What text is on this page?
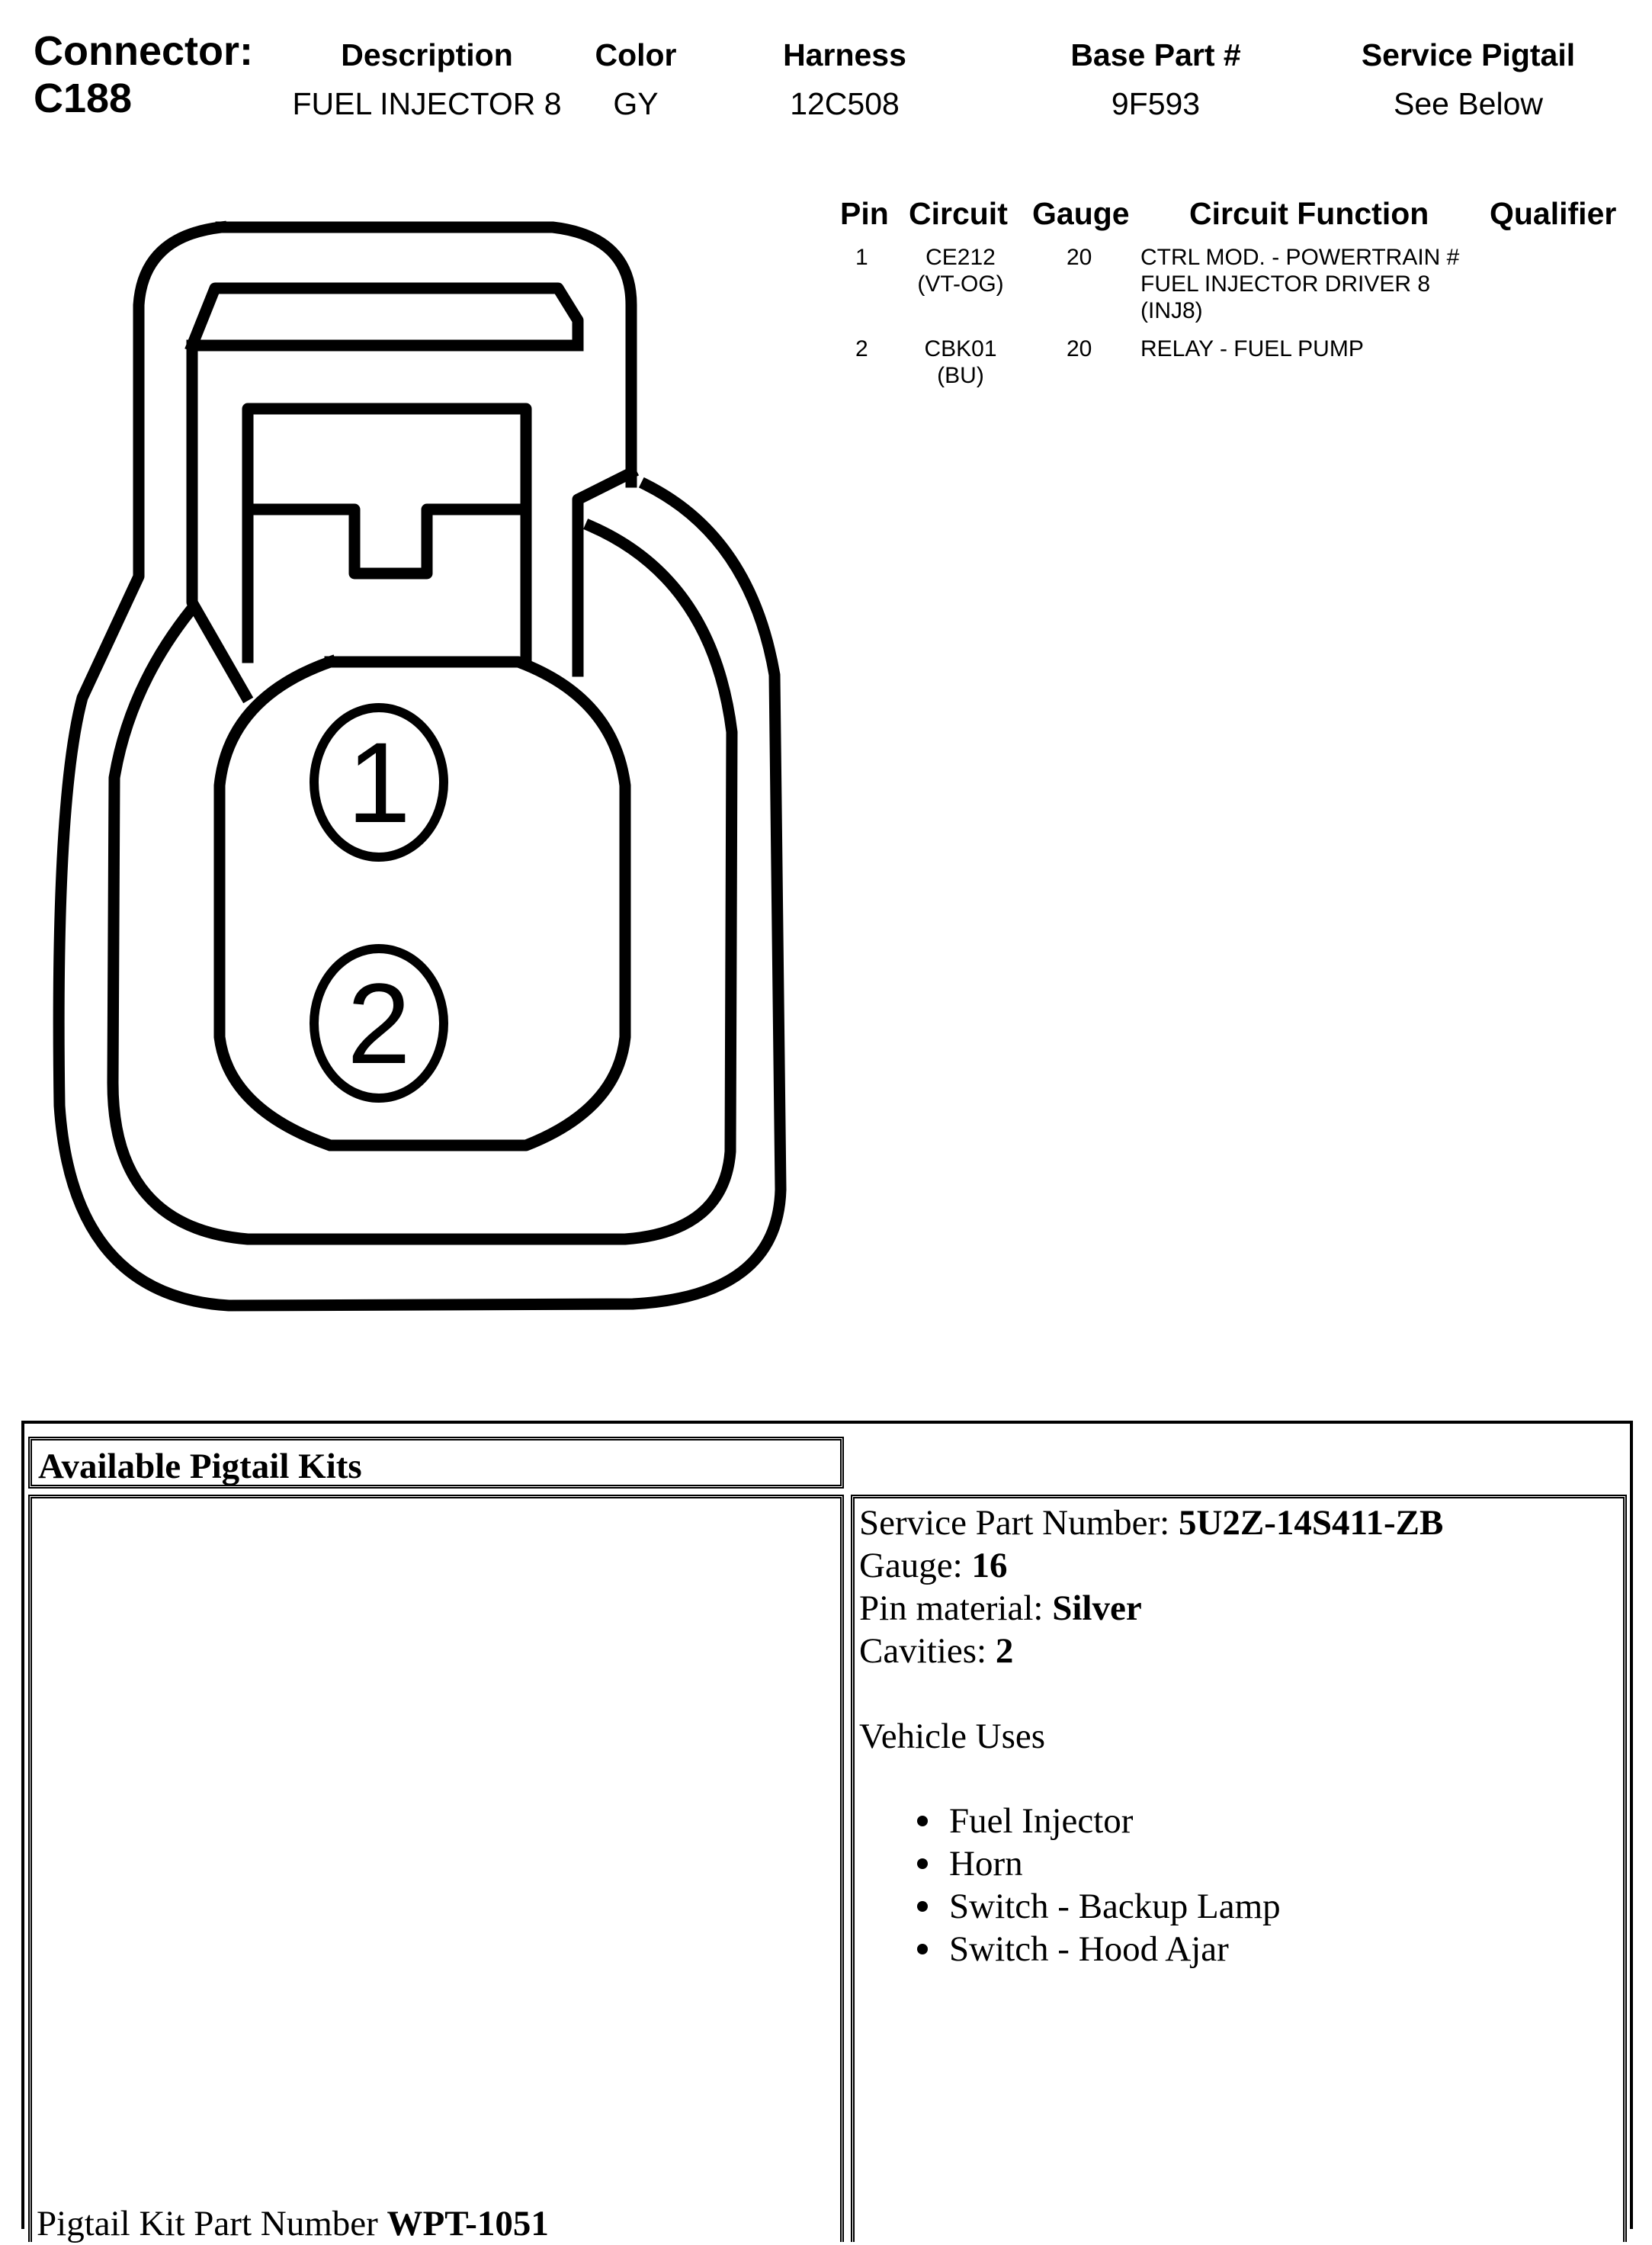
Connector:
C188
Description
FUEL INJECTOR 8
Color
GY
Harness
12C508
Base Part #
9F593
Service Pigtail
See Below
Pin Circuit Gauge Circuit Function Qualifier
1	CE212
(VT-OG)
20 CTRL MOD. - POWERTRAIN #
FUEL INJECTOR DRIVER 8
(INJ8)
2	CBK01
(BU)
20 RELAY - FUEL PUMP
1
2
Available Pigtail Kits
Pigtail Kit Part Number WPT-1051
Service Part Number: 5U2Z-14S411-ZB
Gauge: 16
Pin material: Silver
Cavities: 2
Vehicle Uses
Fuel Injector
Horn
Switch - Backup Lamp
Switch - Hood Ajar
